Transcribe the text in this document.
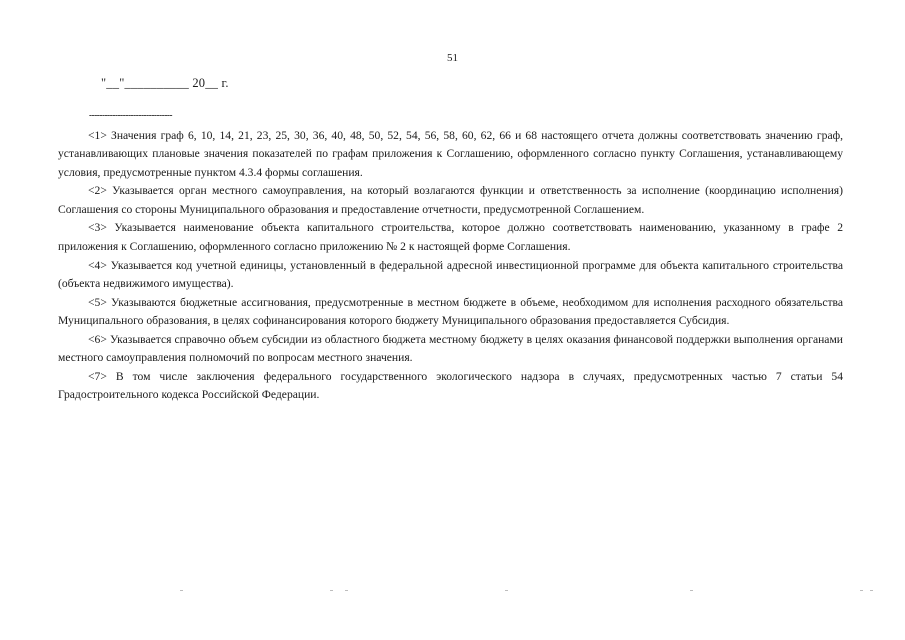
51
"__"__________ 20__ г.
--------------------------------

<1> Значения граф 6, 10, 14, 21, 23, 25, 30, 36, 40, 48, 50, 52, 54, 56, 58, 60, 62, 66 и 68 настоящего отчета должны соответствовать значению граф, устанавливающих плановые значения показателей по графам приложения к Соглашению, оформленного согласно пункту Соглашения, устанавливающему условия, предусмотренные пунктом 4.3.4 формы соглашения.

<2> Указывается орган местного самоуправления, на который возлагаются функции и ответственность за исполнение (координацию исполнения) Соглашения со стороны Муниципального образования и предоставление отчетности, предусмотренной Соглашением.

<3> Указывается наименование объекта капитального строительства, которое должно соответствовать наименованию, указанному в графе 2 приложения к Соглашению, оформленного согласно приложению № 2 к настоящей форме Соглашения.

<4> Указывается код учетной единицы, установленный в федеральной адресной инвестиционной программе для объекта капитального строительства (объекта недвижимого имущества).

<5> Указываются бюджетные ассигнования, предусмотренные в местном бюджете в объеме, необходимом для исполнения расходного обязательства Муниципального образования, в целях софинансирования которого бюджету Муниципального образования предоставляется Субсидия.

<6> Указывается справочно объем субсидии из областного бюджета местному бюджету в целях оказания финансовой поддержки выполнения органами местного самоуправления полномочий по вопросам местного значения.

<7> В том числе заключения федерального государственного экологического надзора в случаях, предусмотренных частью 7 статьи 54 Градостроительного кодекса Российской Федерации.
